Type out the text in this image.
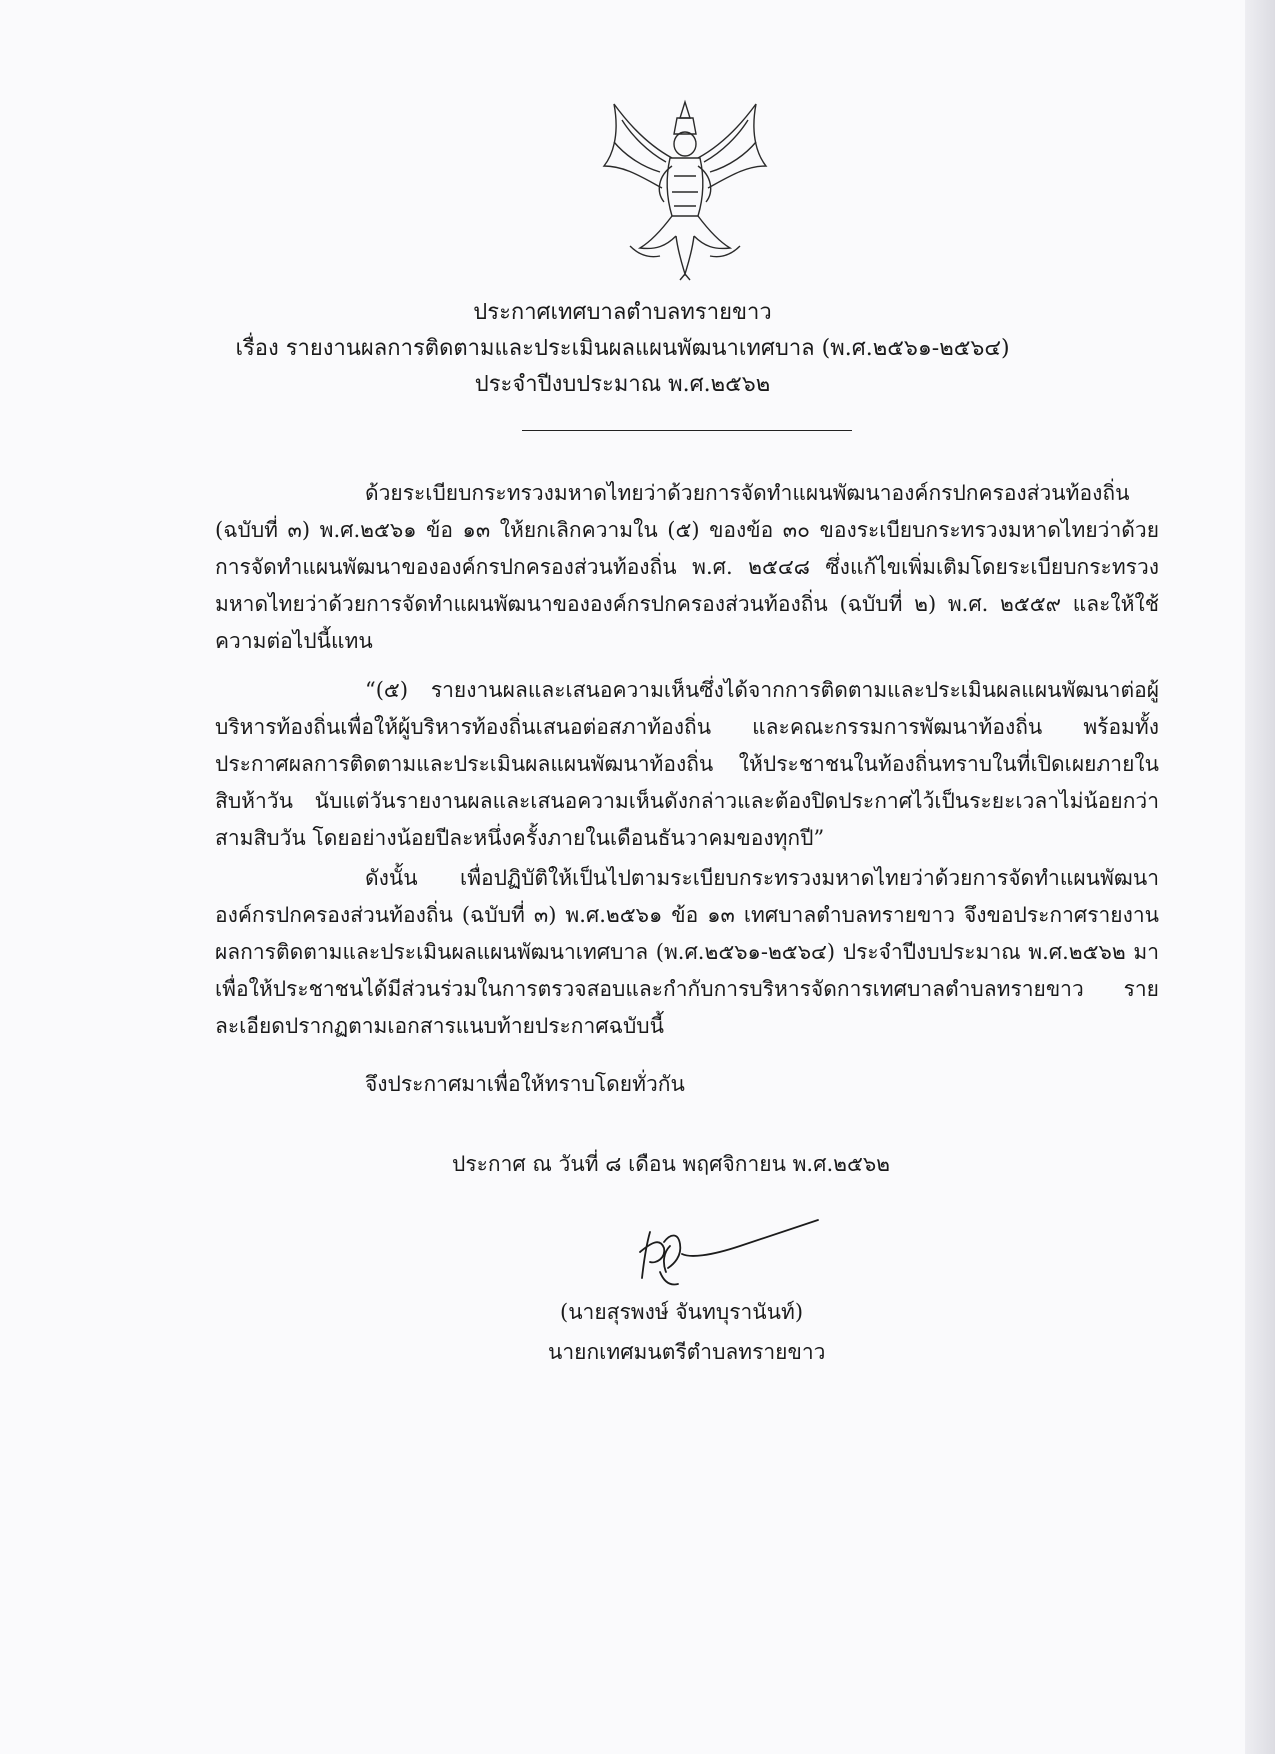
ประกาศเทศบาลตำบลทรายขาว
เรื่อง รายงานผลการติดตามและประเมินผลแผนพัฒนาเทศบาล (พ.ศ.๒๕๖๑-๒๕๖๔)
ประจำปีงบประมาณ พ.ศ.๒๕๖๒

ด้วยระเบียบกระทรวงมหาดไทยว่าด้วยการจัดทำแผนพัฒนาองค์กรปกครองส่วนท้องถิ่น (ฉบับที่ ๓) พ.ศ.๒๕๖๑ ข้อ ๑๓ ให้ยกเลิกความใน (๕) ของข้อ ๓๐ ของระเบียบกระทรวงมหาดไทยว่าด้วยการจัดทำแผนพัฒนาขององค์กรปกครองส่วนท้องถิ่น พ.ศ. ๒๕๔๘ ซึ่งแก้ไขเพิ่มเติมโดยระเบียบกระทรวงมหาดไทยว่าด้วยการจัดทำแผนพัฒนาขององค์กรปกครองส่วนท้องถิ่น (ฉบับที่ ๒) พ.ศ. ๒๕๕๙ และให้ใช้ความต่อไปนี้แทน

“(๕) รายงานผลและเสนอความเห็นซึ่งได้จากการติดตามและประเมินผลแผนพัฒนาต่อผู้บริหารท้องถิ่นเพื่อให้ผู้บริหารท้องถิ่นเสนอต่อสภาท้องถิ่น และคณะกรรมการพัฒนาท้องถิ่น พร้อมทั้งประกาศผลการติดตามและประเมินผลแผนพัฒนาท้องถิ่น ให้ประชาชนในท้องถิ่นทราบในที่เปิดเผยภายในสิบห้าวัน นับแต่วันรายงานผลและเสนอความเห็นดังกล่าวและต้องปิดประกาศไว้เป็นระยะเวลาไม่น้อยกว่าสามสิบวัน โดยอย่างน้อยปีละหนึ่งครั้งภายในเดือนธันวาคมของทุกปี”

ดังนั้น เพื่อปฏิบัติให้เป็นไปตามระเบียบกระทรวงมหาดไทยว่าด้วยการจัดทำแผนพัฒนาองค์กรปกครองส่วนท้องถิ่น (ฉบับที่ ๓) พ.ศ.๒๕๖๑ ข้อ ๑๓ เทศบาลตำบลทรายขาว จึงขอประกาศรายงานผลการติดตามและประเมินผลแผนพัฒนาเทศบาล (พ.ศ.๒๕๖๑-๒๕๖๔) ประจำปีงบประมาณ พ.ศ.๒๕๖๒ มาเพื่อให้ประชาชนได้มีส่วนร่วมในการตรวจสอบและกำกับการบริหารจัดการเทศบาลตำบลทรายขาว รายละเอียดปรากฏตามเอกสารแนบท้ายประกาศฉบับนี้

จึงประกาศมาเพื่อให้ทราบโดยทั่วกัน
ประกาศ ณ วันที่ ๘ เดือน พฤศจิกายน พ.ศ.๒๕๖๒
(นายสุรพงษ์ จันทบุรานันท์)
นายกเทศมนตรีตำบลทรายขาว
